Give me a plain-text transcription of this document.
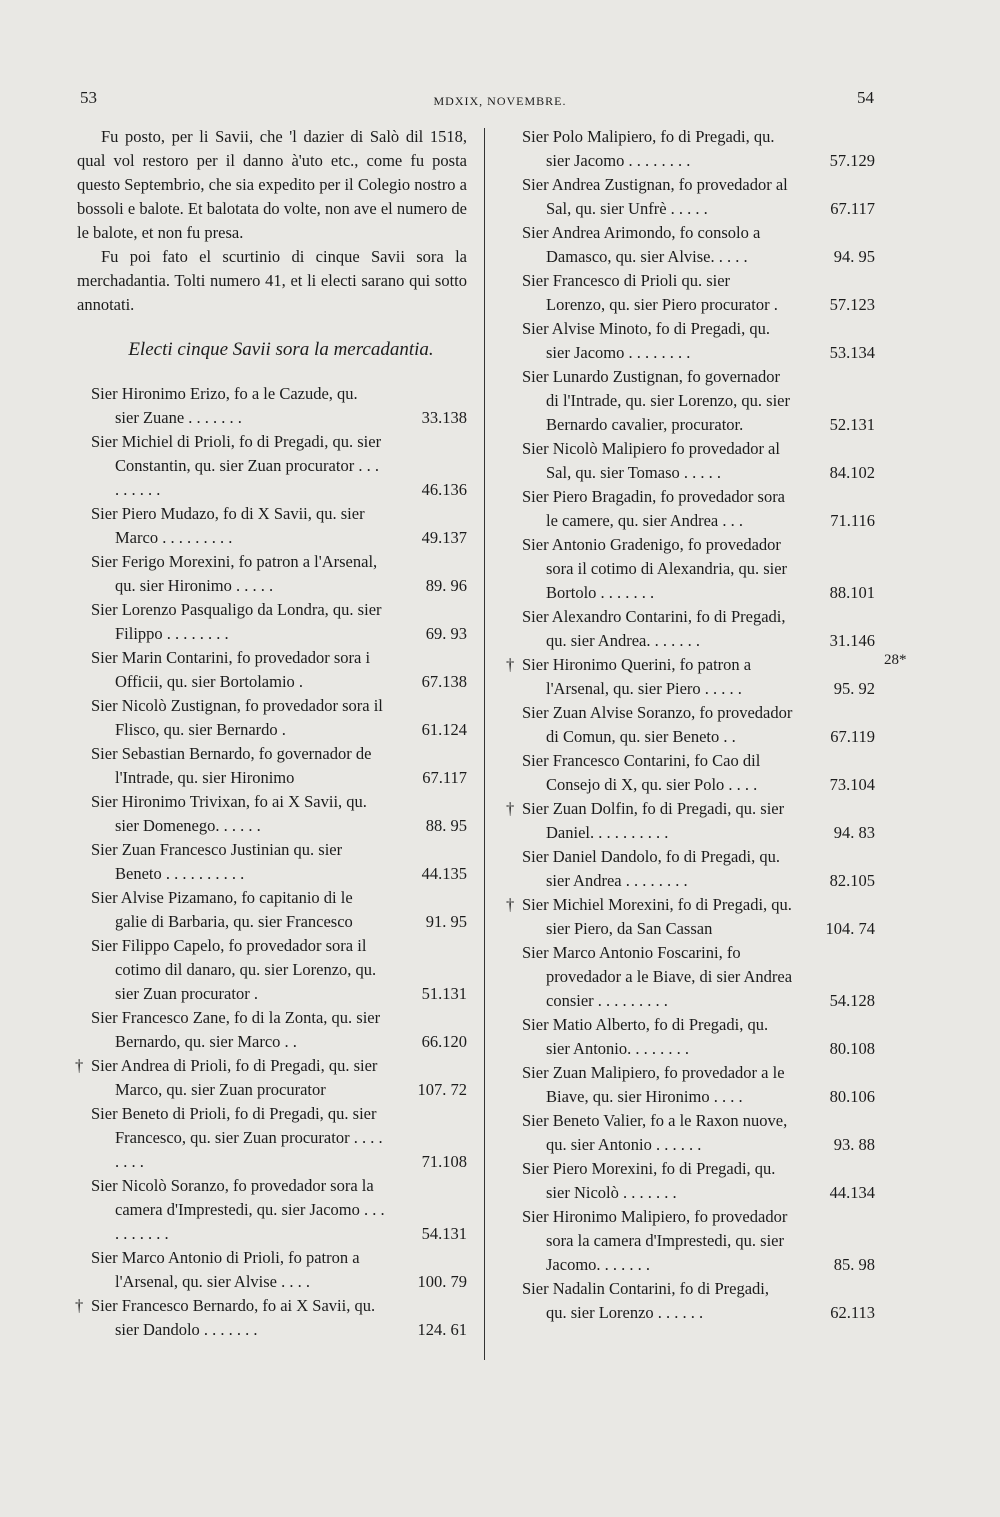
53	MDXIX, NOVEMBRE.	54
28*

Fu posto, per li Savii, che 'l dazier di Salò dil 1518, qual vol restoro per il danno à'uto etc., come fu posta questo Septembrio, che sia expedito per il Colegio nostro a bossoli e balote. Et balotata do volte, non ave el numero de le balote, et non fu presa.

Fu poi fato el scurtinio di cinque Savii sora la merchadantia. Tolti numero 41, et li electi sarano qui sotto annotati.

Electi cinque Savii sora la mercadantia.

Sier Hironimo Erizo, fo a le Cazude, qu. sier Zuane . . . . . . .	33.138

Sier Michiel di Prioli, fo di Pregadi, qu. sier Constantin, qu. sier Zuan procurator . . . . . . . . .	46.136

Sier Piero Mudazo, fo di X Savii, qu. sier Marco . . . . . . . . .	49.137

Sier Ferigo Morexini, fo patron a l'Arsenal, qu. sier Hironimo . . . . .	89. 96

Sier Lorenzo Pasqualigo da Londra, qu. sier Filippo . . . . . . . .	69. 93

Sier Marin Contarini, fo provedador sora i Officii, qu. sier Bortolamio .	67.138

Sier Nicolò Zustignan, fo provedador sora il Flisco, qu. sier Bernardo .	61.124

Sier Sebastian Bernardo, fo governador de l'Intrade, qu. sier Hironimo	67.117

Sier Hironimo Trivixan, fo ai X Savii, qu. sier Domenego. . . . . .	88. 95

Sier Zuan Francesco Justinian qu. sier Beneto . . . . . . . . . .	44.135

Sier Alvise Pizamano, fo capitanio di le galie di Barbaria, qu. sier Francesco	91. 95

Sier Filippo Capelo, fo provedador sora il cotimo dil danaro, qu. sier Lorenzo, qu. sier Zuan procurator .	51.131

Sier Francesco Zane, fo di la Zonta, qu. sier Bernardo, qu. sier Marco . .	66.120

† Sier Andrea di Prioli, fo di Pregadi, qu. sier Marco, qu. sier Zuan procurator	107. 72

Sier Beneto di Prioli, fo di Pregadi, qu. sier Francesco, qu. sier Zuan procurator . . . . . . . .	71.108

Sier Nicolò Soranzo, fo provedador sora la camera d'Imprestedi, qu. sier Jacomo . . . . . . . . . .	54.131

Sier Marco Antonio di Prioli, fo patron a l'Arsenal, qu. sier Alvise . . . .	100. 79

† Sier Francesco Bernardo, fo ai X Savii, qu. sier Dandolo . . . . . . .	124. 61

Sier Polo Malipiero, fo di Pregadi, qu. sier Jacomo . . . . . . . .	57.129

Sier Andrea Zustignan, fo provedador al Sal, qu. sier Unfrè . . . . .	67.117

Sier Andrea Arimondo, fo consolo a Damasco, qu. sier Alvise. . . . .	94. 95

Sier Francesco di Prioli qu. sier Lorenzo, qu. sier Piero procurator .	57.123

Sier Alvise Minoto, fo di Pregadi, qu. sier Jacomo . . . . . . . .	53.134

Sier Lunardo Zustignan, fo governador di l'Intrade, qu. sier Lorenzo, qu. sier Bernardo cavalier, procurator.	52.131

Sier Nicolò Malipiero fo provedador al Sal, qu. sier Tomaso . . . . .	84.102

Sier Piero Bragadin, fo provedador sora le camere, qu. sier Andrea . . .	71.116

Sier Antonio Gradenigo, fo provedador sora il cotimo di Alexandria, qu. sier Bortolo . . . . . . .	88.101

Sier Alexandro Contarini, fo di Pregadi, qu. sier Andrea. . . . . . .	31.146

† Sier Hironimo Querini, fo patron a l'Arsenal, qu. sier Piero . . . . .	95. 92

Sier Zuan Alvise Soranzo, fo provedador di Comun, qu. sier Beneto . .	67.119

Sier Francesco Contarini, fo Cao dil Consejo di X, qu. sier Polo . . . .	73.104

† Sier Zuan Dolfin, fo di Pregadi, qu. sier Daniel. . . . . . . . . .	94. 83

Sier Daniel Dandolo, fo di Pregadi, qu. sier Andrea . . . . . . . .	82.105

† Sier Michiel Morexini, fo di Pregadi, qu. sier Piero, da San Cassan	104. 74

Sier Marco Antonio Foscarini, fo provedador a le Biave, di sier Andrea consier . . . . . . . . .	54.128

Sier Matio Alberto, fo di Pregadi, qu. sier Antonio. . . . . . . .	80.108

Sier Zuan Malipiero, fo provedador a le Biave, qu. sier Hironimo . . . .	80.106

Sier Beneto Valier, fo a le Raxon nuove, qu. sier Antonio . . . . . .	93. 88

Sier Piero Morexini, fo di Pregadi, qu. sier Nicolò . . . . . . .	44.134

Sier Hironimo Malipiero, fo provedador sora la camera d'Imprestedi, qu. sier Jacomo. . . . . . .	85. 98

Sier Nadalin Contarini, fo di Pregadi, qu. sier Lorenzo . . . . . .	62.113
